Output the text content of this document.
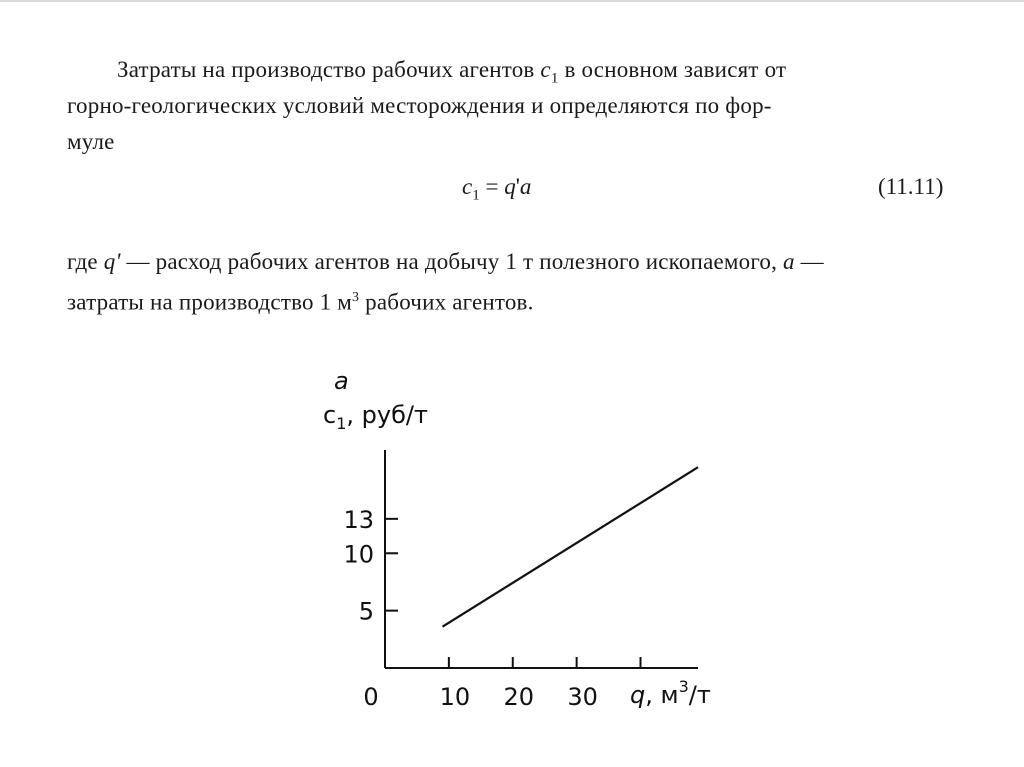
Затраты на производство рабочих агентов $c_1$ в основном зависят от
горно-геологических условий месторождения и определяются по фор-
муле
$c_1 = q'a$	(11.11)
где q' — расход рабочих агентов на добычу 1 т полезного ископаемого, a —
затраты на производство 1 $м^3$ рабочих агентов.
a
$c_1$, руб/т
5
10
13
10 20 30
0	q, $м^3/т$
